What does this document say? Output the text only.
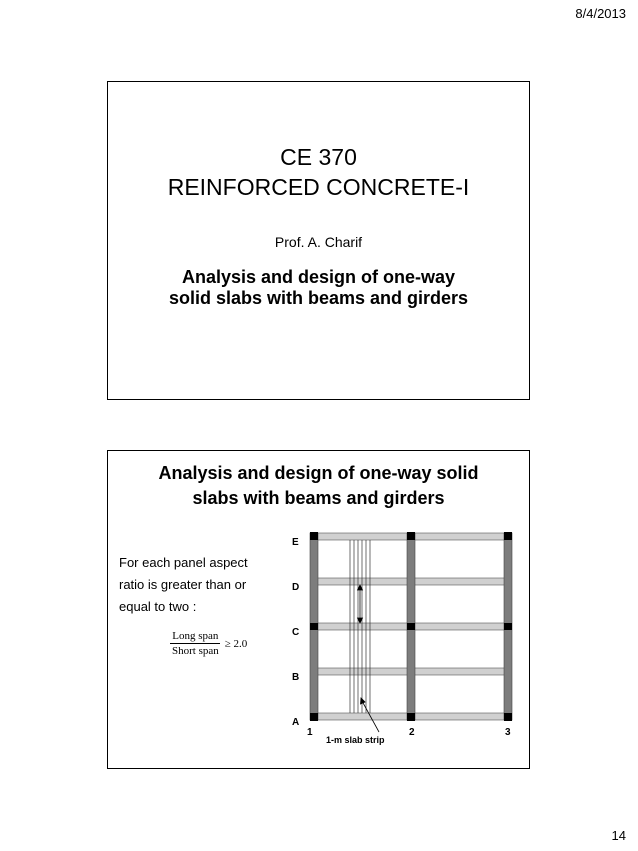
8/4/2013
CE 370
REINFORCED CONCRETE-I
Prof. A. Charif
Analysis and design of one-way
solid slabs with beams and girders
Analysis and design of one-way solid
slabs with beams and girders
For each panel aspect
ratio is greater than or
equal to two :
$\frac{\text{Long span}}{\text{Short span}} \ge 2.0$
E
D
C
B
A
1	2	3
1-m slab strip
14
